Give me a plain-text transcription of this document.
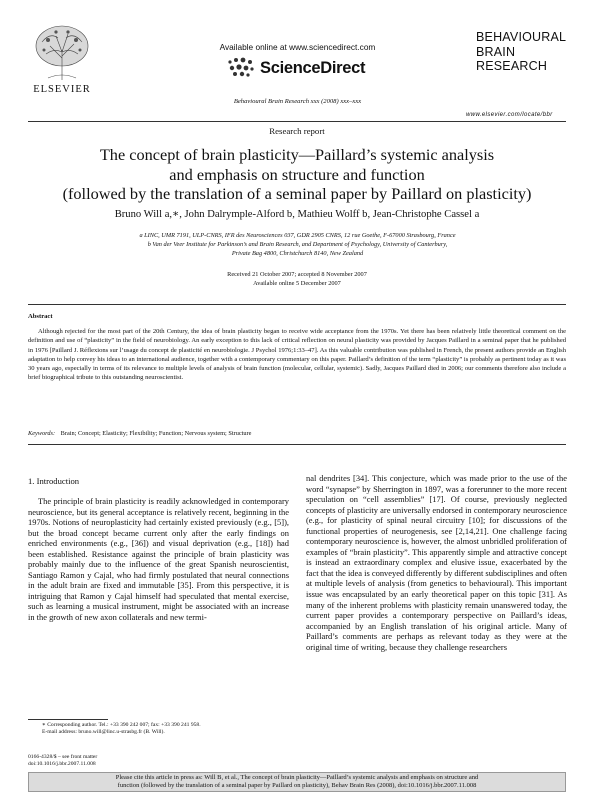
ELSEVIER
Available online at www.sciencedirect.com
ScienceDirect
Behavioural Brain Research xxx (2008) xxx–xxx
BEHAVIOURAL
BRAIN
RESEARCH
www.elsevier.com/locate/bbr
Research report
The concept of brain plasticity—Paillard’s systemic analysis
and emphasis on structure and function
(followed by the translation of a seminal paper by Paillard on plasticity)
Bruno Will a,∗, John Dalrymple-Alford b, Mathieu Wolff b, Jean-Christophe Cassel a
a LINC, UMR 7191, ULP-CNRS, IFR des Neurosciences 037, GDR 2905 CNRS, 12 rue Goethe, F-67000 Strasbourg, France
b Van der Veer Institute for Parkinson’s and Brain Research, and Department of Psychology, University of Canterbury,
Private Bag 4800, Christchurch 8140, New Zealand
Received 21 October 2007; accepted 8 November 2007
Available online 5 December 2007
Abstract
Although rejected for the most part of the 20th Century, the idea of brain plasticity began to receive wide acceptance from the 1970s. Yet there has been relatively little theoretical comment on the definition and use of “plasticity” in the field of neurobiology. An early exception to this lack of critical reflection on neural plasticity was provided by Jacques Paillard in a seminal paper that he published in 1976 [Paillard J. Réflexions sur l’usage du concept de plasticité en neurobiologie. J Psychol 1976;1:33–47]. As this valuable contribution was published in French, the present authors provide an English adaptation to help convey his ideas to an international audience, together with a contemporary commentary on this paper. Paillard’s definition of the term “plasticity” is probably as pertinent today as it was 30 years ago, especially in terms of its relevance to multiple levels of analysis of brain function (molecular, cellular, systemic). Sadly, Jacques Paillard died in 2006; our comments therefore also include a brief biographical tribute to this outstanding neuroscientist.
Keywords: Brain; Concept; Elasticity; Flexibility; Function; Nervous system; Structure
1. Introduction
The principle of brain plasticity is readily acknowledged in contemporary neuroscience, but its general acceptance is relatively recent, beginning in the 1970s. Notions of neuroplasticity had certainly existed previously (e.g., [5]), but the broad concept became current only after the early findings on enriched environments (e.g., [36]) and visual deprivation (e.g., [18]) had been established. Resistance against the principle of brain plasticity was probably mainly due to the influence of the great Spanish neuroscientist, Santiago Ramon y Cajal, who had firmly postulated that neural connections in the adult brain are fixed and immutable [35]. From this perspective, it is intriguing that Ramon y Cajal himself had speculated that mental exercise, such as learning a musical instrument, might be associated with an increase in the growth of new axon collaterals and new termi-

nal dendrites [34]. This conjecture, which was made prior to the use of the word “synapse” by Sherrington in 1897, was a forerunner to the more recent speculation on “cell assemblies” [17]. Of course, previously neglected concepts of plasticity are universally endorsed in contemporary neuroscience (e.g., for plasticity of spinal neural circuitry [10]; for discussions of the functional properties of neurogenesis, see [2,14,21]. One challenge facing contemporary neuroscience is, however, the almost unbridled proliferation of examples of “brain plasticity”. This apparently simple and attractive concept is instead an extraordinary complex and elusive issue, exacerbated by the fact that the idea is conveyed differently by different subdisciplines and often at multiple levels of analysis (from genetics to behavioural). This important issue was encapsulated by an early theoretical paper on this topic [31]. As many of the inherent problems with plasticity remain unanswered today, the current paper provides a contemporary perspective on Paillard’s ideas, accompanied by an English translation of his original article. Many of Paillard’s comments are perhaps as relevant today as they were at the original time of writing, because they challenge researchers

∗ Corresponding author. Tel.: +33 390 242 007; fax: +33 390 241 958.
E-mail address: bruno.will@linc.u-strasbg.fr (B. Will).
0166-4328/$ – see front matter
doi:10.1016/j.bbr.2007.11.008
Please cite this article in press as: Will B, et al., The concept of brain plasticity—Paillard’s systemic analysis and emphasis on structure and
function (followed by the translation of a seminal paper by Paillard on plasticity), Behav Brain Res (2008), doi:10.1016/j.bbr.2007.11.008
